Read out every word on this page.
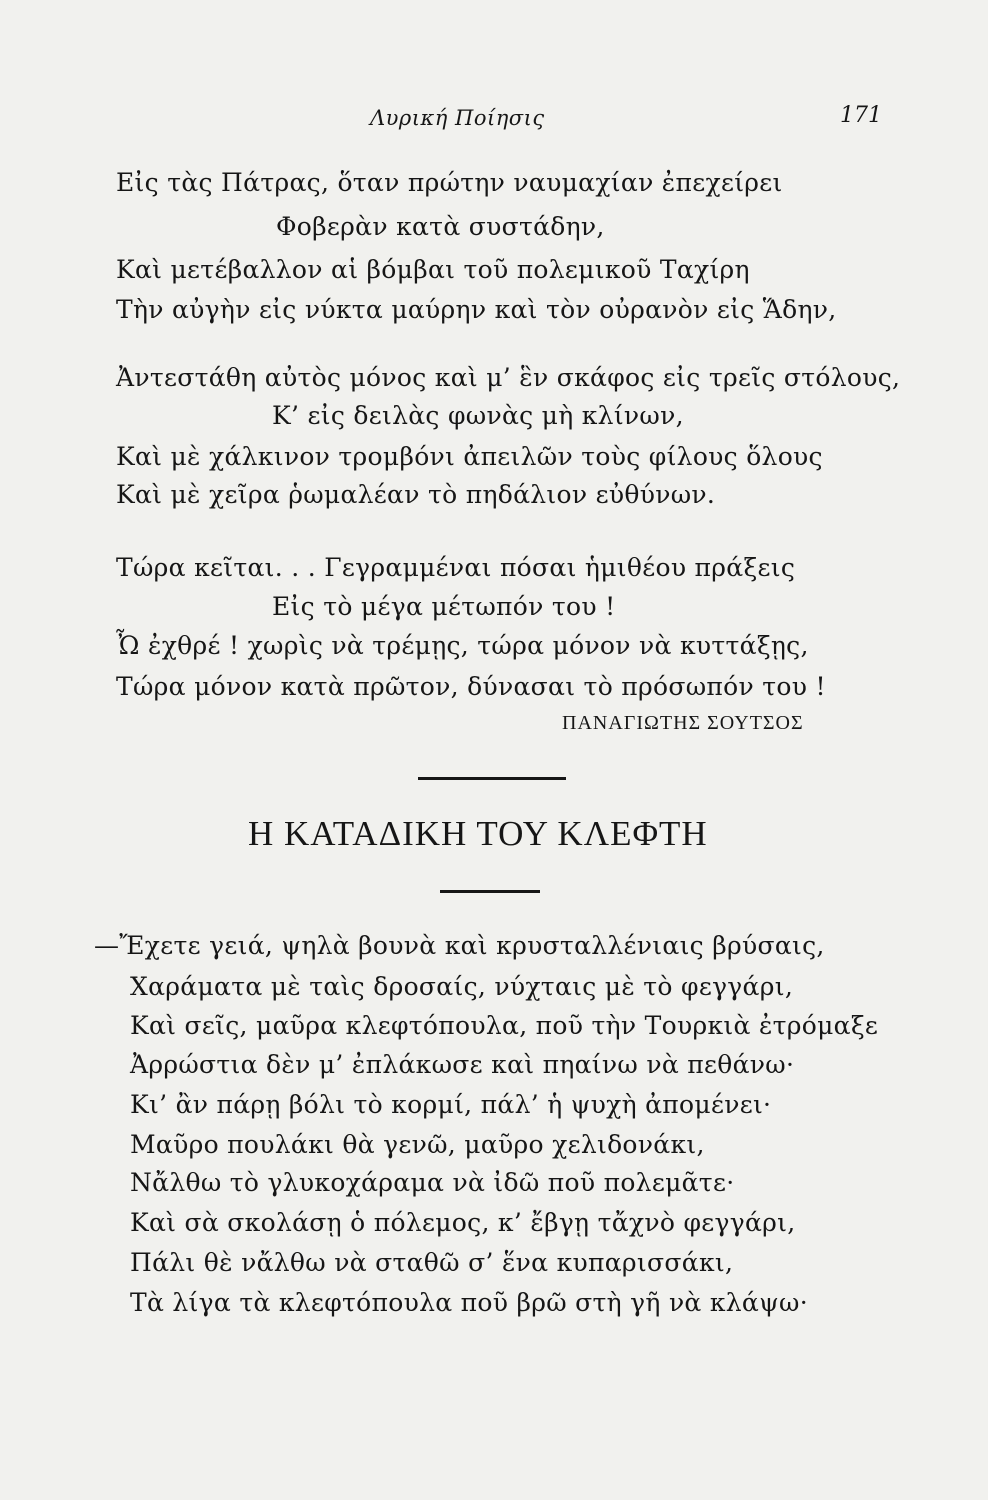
Λυρική Ποίησις	171
Εἰς τὰς Πάτρας, ὅταν πρώτην ναυμαχίαν ἐπεχείρει
Φοβερὰν κατὰ συστάδην,
Καὶ μετέβαλλον αἱ βόμβαι τοῦ πολεμικοῦ Ταχίρη
Τὴν αὐγὴν εἰς νύκτα μαύρην καὶ τὸν οὐρανὸν εἰς Ἅδην,
Ἀντεστάθη αὐτὸς μόνος καὶ μ’ ἓν σκάφος εἰς τρεῖς στόλους,
Κ’ εἰς δειλὰς φωνὰς μὴ κλίνων,
Καὶ μὲ χάλκινον τρομβόνι ἀπειλῶν τοὺς φίλους ὅλους
Καὶ μὲ χεῖρα ῥωμαλέαν τὸ πηδάλιον εὐθύνων.
Τώρα κεῖται. . . Γεγραμμέναι πόσαι ἡμιθέου πράξεις
Εἰς τὸ μέγα μέτωπόν του !
Ὦ ἐχθρέ ! χωρὶς νὰ τρέμῃς, τώρα μόνον νὰ κυττάξῃς,
Τώρα μόνον κατὰ πρῶτον, δύνασαι τὸ πρόσωπόν του !
ΠΑΝΑΓΙΩΤΗΣ ΣΟΥΤΣΟΣ
Η ΚΑΤΑΔΙΚΗ ΤΟΥ ΚΛΕΦΤΗ
—Ἔχετε γειά, ψηλὰ βουνὰ καὶ κρυσταλλένιαις βρύσαις,
Χαράματα μὲ ταὶς δροσαίς, νύχταις μὲ τὸ φεγγάρι,
Καὶ σεῖς, μαῦρα κλεφτόπουλα, ποῦ τὴν Τουρκιὰ ἐτρόμαξε
Ἀρρώστια δὲν μ’ ἐπλάκωσε καὶ πηαίνω νὰ πεθάνω·
Κι’ ἂν πάρῃ βόλι τὸ κορμί, πάλ’ ἡ ψυχὴ ἀπομένει·
Μαῦρο πουλάκι θὰ γενῶ, μαῦρο χελιδονάκι,
Νἄλθω τὸ γλυκοχάραμα νὰ ἰδῶ ποῦ πολεμᾶτε·
Καὶ σὰ σκολάσῃ ὁ πόλεμος, κ’ ἔβγῃ τἄχνὸ φεγγάρι,
Πάλι θὲ νἄλθω νὰ σταθῶ σ’ ἕνα κυπαρισσάκι,
Τὰ λίγα τὰ κλεφτόπουλα ποῦ βρῶ στὴ γῆ νὰ κλάψω·
